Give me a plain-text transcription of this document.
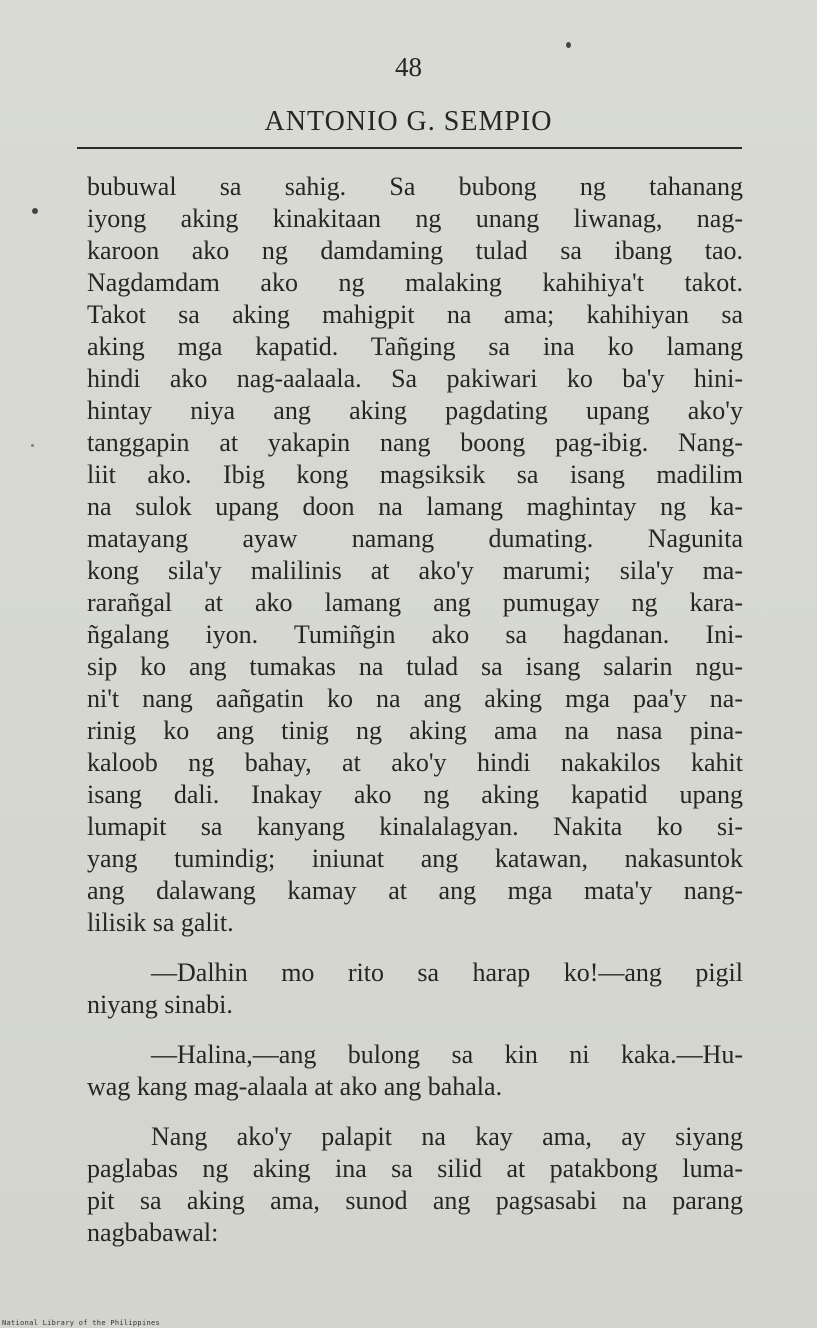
48
ANTONIO G. SEMPIO
bubuwal sa sahig. Sa bubong ng tahanang
iyong aking kinakitaan ng unang liwanag, nag-
karoon ako ng damdaming tulad sa ibang tao.
Nagdamdam ako ng malaking kahihiya't takot.
Takot sa aking mahigpit na ama; kahihiyan sa
aking mga kapatid. Tañging sa ina ko lamang
hindi ako nag-aalaala. Sa pakiwari ko ba'y hini-
hintay niya ang aking pagdating upang ako'y
tanggapin at yakapin nang boong pag-ibig. Nang-
liit ako. Ibig kong magsiksik sa isang madilim
na sulok upang doon na lamang maghintay ng ka-
matayang ayaw namang dumating. Nagunita
kong sila'y malilinis at ako'y marumi; sila'y ma-
rarañgal at ako lamang ang pumugay ng kara-
ñgalang iyon. Tumiñgin ako sa hagdanan. Ini-
sip ko ang tumakas na tulad sa isang salarin ngu-
ni't nang aañgatin ko na ang aking mga paa'y na-
rinig ko ang tinig ng aking ama na nasa pina-
kaloob ng bahay, at ako'y hindi nakakilos kahit
isang dali. Inakay ako ng aking kapatid upang
lumapit sa kanyang kinalalagyan. Nakita ko si-
yang tumindig; iniunat ang katawan, nakasuntok
ang dalawang kamay at ang mga mata'y nang-
lilisik sa galit.
—Dalhin mo rito sa harap ko!—ang pigil
niyang sinabi.
—Halina,—ang bulong sa kin ni kaka.—Hu-
wag kang mag-alaala at ako ang bahala.
Nang ako'y palapit na kay ama, ay siyang
paglabas ng aking ina sa silid at patakbong luma-
pit sa aking ama, sunod ang pagsasabi na parang
nagbabawal:
National Library of the Philippines
